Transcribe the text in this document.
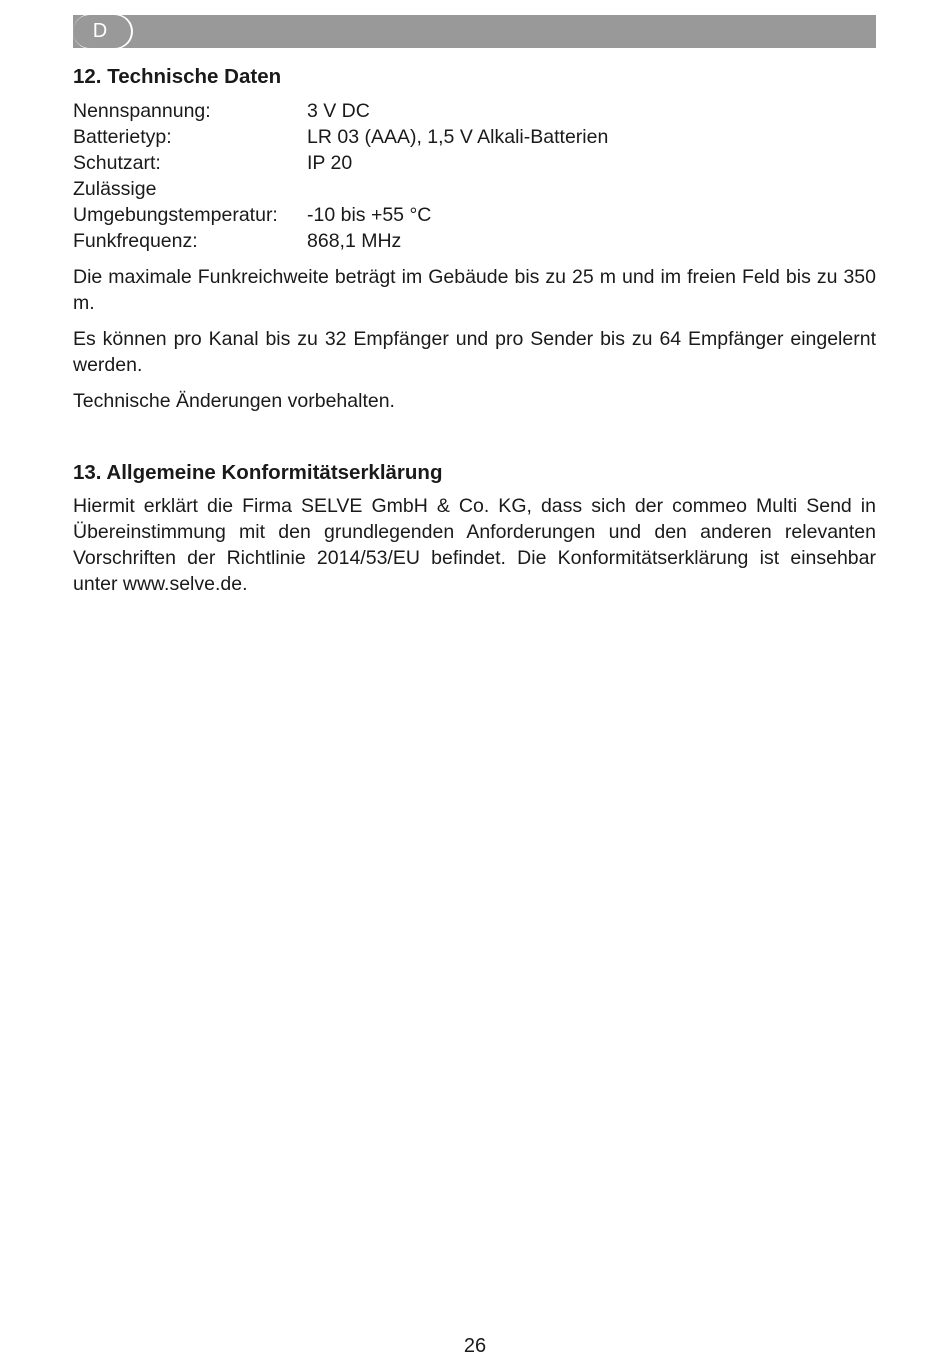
D
12. Technische Daten
Nennspannung:	3 V DC
Batterietyp:	LR 03 (AAA), 1,5 V Alkali-Batterien
Schutzart:	IP 20
Zulässige	
Umgebungstemperatur:	-10 bis +55 °C
Funkfrequenz:	868,1 MHz

Die maximale Funkreichweite beträgt im Gebäude bis zu 25 m und im freien Feld bis zu 350 m.

Es können pro Kanal bis zu 32 Empfänger und pro Sender bis zu 64 Empfänger eingelernt werden.

Technische Änderungen vorbehalten.

13. Allgemeine Konformitätserklärung

Hiermit erklärt die Firma SELVE GmbH & Co. KG, dass sich der commeo Multi Send in Übereinstimmung mit den grundlegenden Anforderungen und den anderen relevanten Vorschriften der Richtlinie 2014/53/EU befindet. Die Konformitätserklärung ist einsehbar unter www.selve.de.

26
